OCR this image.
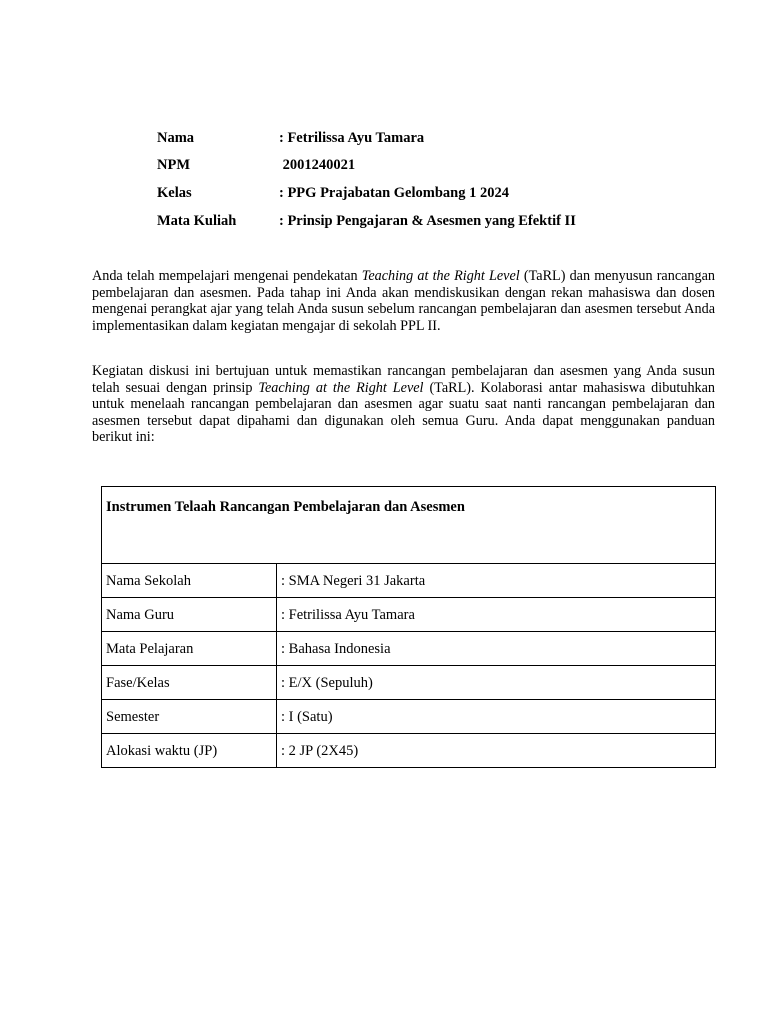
Nama	: Fetrilissa Ayu Tamara
NPM	2001240021
Kelas	: PPG Prajabatan Gelombang 1 2024
Mata Kuliah	: Prinsip Pengajaran & Asesmen yang Efektif II

Anda telah mempelajari mengenai pendekatan Teaching at the Right Level (TaRL) dan menyusun rancangan pembelajaran dan asesmen. Pada tahap ini Anda akan mendiskusikan dengan rekan mahasiswa dan dosen mengenai perangkat ajar yang telah Anda susun sebelum rancangan pembelajaran dan asesmen tersebut Anda implementasikan dalam kegiatan mengajar di sekolah PPL II.

Kegiatan diskusi ini bertujuan untuk memastikan rancangan pembelajaran dan asesmen yang Anda susun telah sesuai dengan prinsip Teaching at the Right Level (TaRL). Kolaborasi antar mahasiswa dibutuhkan untuk menelaah rancangan pembelajaran dan asesmen agar suatu saat nanti rancangan pembelajaran dan asesmen tersebut dapat dipahami dan digunakan oleh semua Guru. Anda dapat menggunakan panduan berikut ini:

Instrumen Telaah Rancangan Pembelajaran dan Asesmen	
Nama Sekolah	: SMA Negeri 31 Jakarta
Nama Guru	: Fetrilissa Ayu Tamara
Mata Pelajaran	: Bahasa Indonesia
Fase/Kelas	: E/X (Sepuluh)
Semester	: I (Satu)
Alokasi waktu (JP)	: 2 JP (2X45)
